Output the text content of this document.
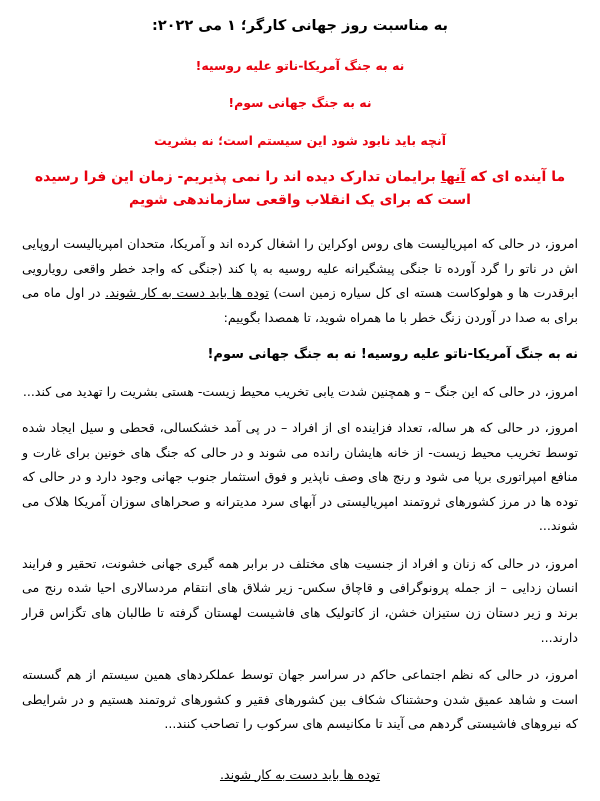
به مناسبت روز جهانی کارگر؛ ۱ می ۲۰۲۲:

نه به جنگ آمریکا-ناتو علیه روسیه!

نه به جنگ جهانی سوم!

آنچه باید نابود شود این سیستم است؛ نه بشریت

ما آینده ای که آنها برایمان تدارک دیده اند را نمی پذیریم- زمان این فرا رسیده است که برای یک انقلاب واقعی سازماندهی شویم

امروز، در حالی که امپریالیست های روس اوکراین را اشغال کرده اند و آمریکا، متحدان امپریالیست اروپایی اش در ناتو را گرد آورده تا جنگی پیشگیرانه علیه روسیه به پا کند (جنگی که واجد خطر واقعی رویارویی ابرقدرت ها و هولوکاست هسته ای کل سیاره زمین است) توده ها باید دست به کار شوند. در اول ماه می برای به صدا در آوردن زنگ خطر با ما همراه شوید، تا همصدا بگوییم:

نه به جنگ آمریکا-ناتو علیه روسیه! نه به جنگ جهانی سوم!

امروز، در حالی که این جنگ – و همچنین شدت یابی تخریب محیط زیست- هستی بشریت را تهدید می کند...

امروز، در حالی که هر ساله، تعداد فزاینده ای از افراد – در پی آمد خشکسالی، قحطی و سیل ایجاد شده توسط تخریب محیط زیست- از خانه هایشان رانده می شوند و در حالی که جنگ های خونین برای غارت و منافع امپراتوری برپا می شود و رنج های وصف ناپذیر و فوق استثمار جنوب جهانی وجود دارد و در حالی که توده ها در مرز کشورهای ثروتمند امپریالیستی در آبهای سرد مدیترانه و صحراهای سوزان آمریکا هلاک می شوند...

امروز، در حالی که زنان و افراد از جنسیت های مختلف در برابر همه گیری جهانی خشونت، تحقیر و فرایند انسان زدایی – از جمله پرونوگرافی و قاچاق سکس- زیر شلاق های انتقام مردسالاری احیا شده رنج می برند و زیر دستان زن ستیزان خشن، از کاتولیک های فاشیست لهستان گرفته تا طالبان های تگزاس قرار دارند...

امروز، در حالی که نظم اجتماعی حاکم در سراسر جهان توسط عملکردهای همین سیستم از هم گسسته است و شاهد عمیق شدن وحشتناک شکاف بین کشورهای فقیر و کشورهای ثروتمند هستیم و در شرایطی که نیروهای فاشیستی گردهم می آیند تا مکانیسم های سرکوب را تصاحب کنند...

توده ها باید دست به کار شوند.
